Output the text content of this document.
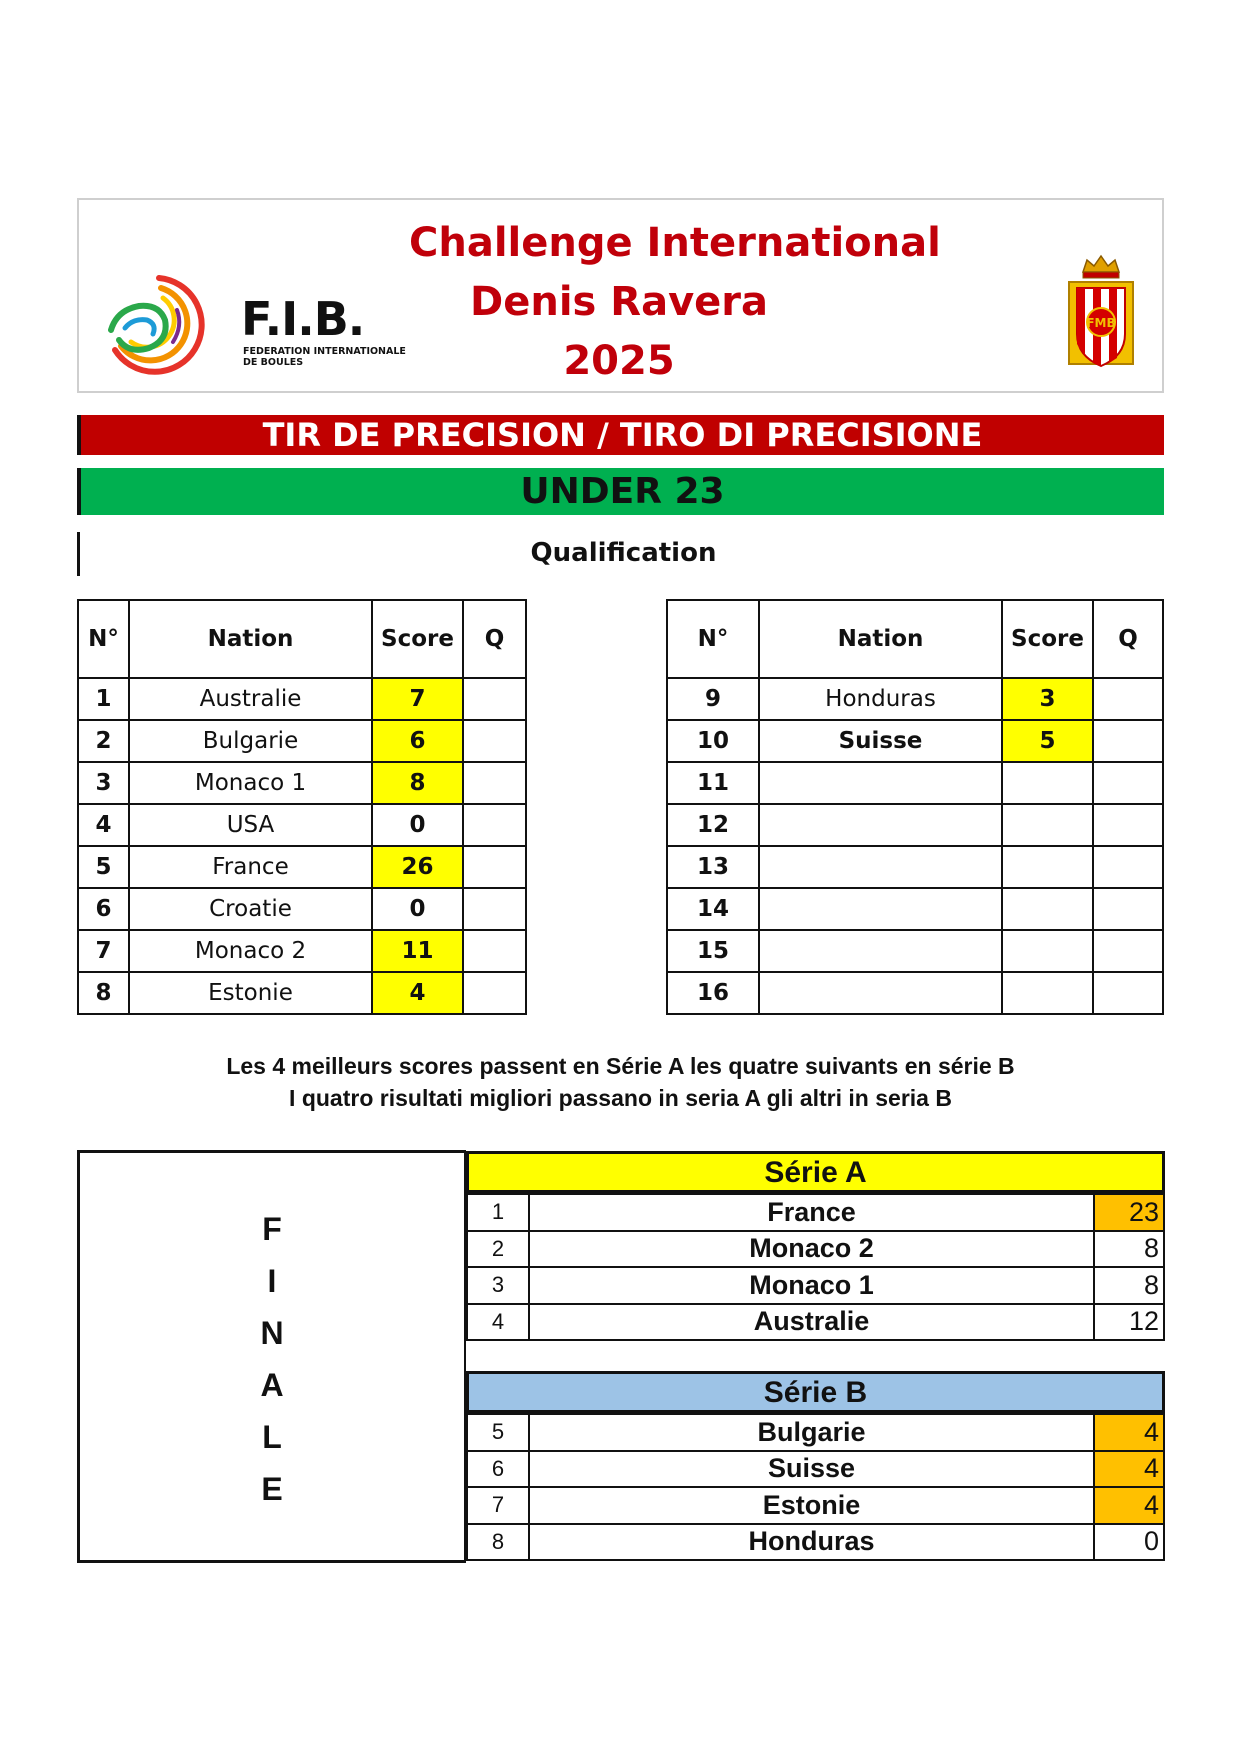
F.I.B.
FEDERATION INTERNATIONALE
DE BOULES
Challenge International
Denis Ravera
2025
FMB
TIR DE PRECISION / TIRO DI PRECISIONE
UNDER 23
Qualification
N°	Nation	Score	Q
1	Australie	7	
2	Bulgarie	6	
3	Monaco 1	8	
4	USA	0	
5	France	26	
6	Croatie	0	
7	Monaco 2	11	
8	Estonie	4	
N°	Nation	Score	Q
9	Honduras	3	
10	Suisse	5	
11			
12			
13			
14			
15			
16			
Les 4 meilleurs scores passent en Série A les quatre suivants en série B
I quatro risultati migliori passano in seria A gli altri in seria B
F
I
N
A
L
E
Série A
1	France	23
2	Monaco 2	8
3	Monaco 1	8
4	Australie	12
Série B
5	Bulgarie	4
6	Suisse	4
7	Estonie	4
8	Honduras	0
